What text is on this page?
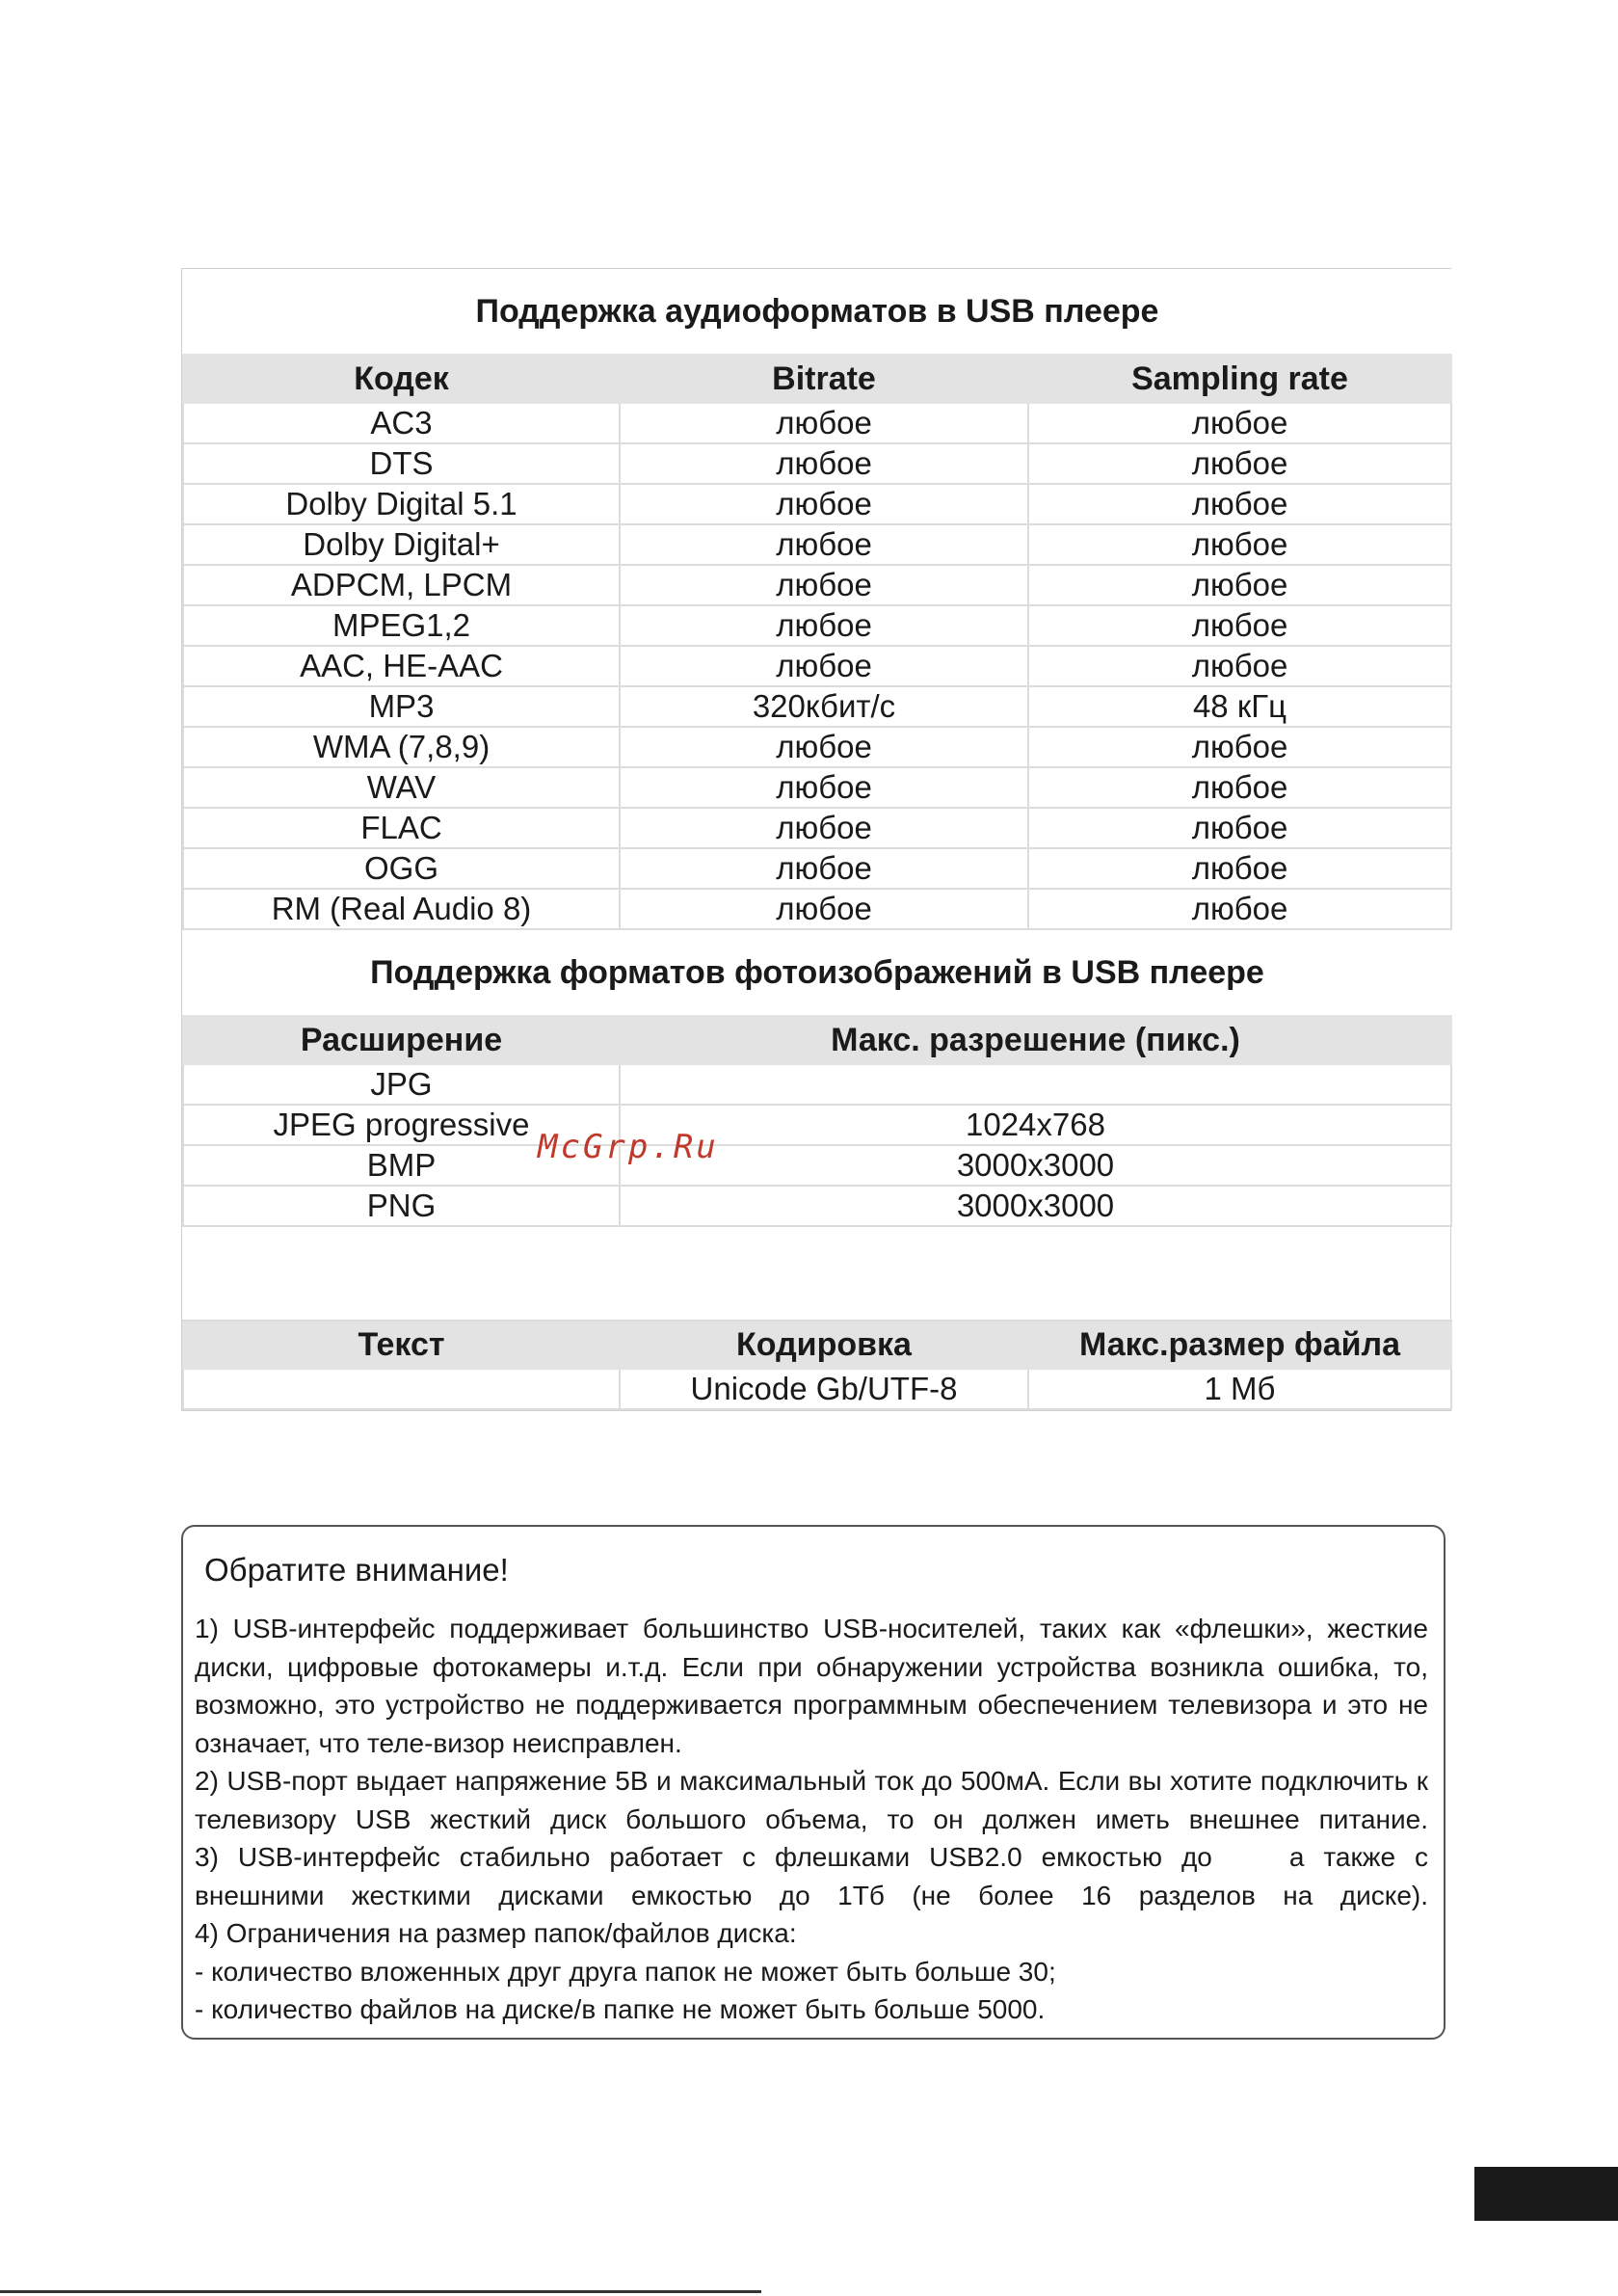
Поддержка аудиоформатов в USB плеере		
Кодек	Bitrate	Sampling rate
AC3	любое	любое
DTS	любое	любое
Dolby Digital 5.1	любое	любое
Dolby Digital+	любое	любое
ADPCM, LPCM	любое	любое
MPEG1,2	любое	любое
AAC, HE-AAC	любое	любое
MP3	320кбит/с	48 кГц
WMA (7,8,9)	любое	любое
WAV	любое	любое
FLAC	любое	любое
OGG	любое	любое
RM (Real Audio 8)	любое	любое
Поддержка форматов фотоизображений в USB плеере		
Расширение	Макс. разрешение (пикс.)	
JPG		
JPEG progressive	1024x768	
BMP	3000x3000	
PNG	3000x3000	

Текст	Кодировка	Макс.размер файла
	Unicode Gb/UTF-8	1 Мб
McGrp.Ru
Обратите внимание!

1) USB-интерфейс поддерживает большинство USB-носителей, таких как «флешки», жесткие диски, цифровые фотокамеры и.т.д. Если при обнаружении устройства возникла ошибка, то, возможно, это устройство не поддерживается программным обеспечением телевизора и это не означает, что теле-визор неисправлен.

2) USB-порт выдает напряжение 5В и максимальный ток до 500мА. Если вы хотите подключить к телевизору USB жесткий диск большого объема, то он должен иметь внешнее питание.

3) USB-интерфейс стабильно работает с флешками USB2.0 емкостью до	а также с внешними жесткими дисками емкостью до 1Тб (не более 16 разделов на диске).

4) Ограничения на размер папок/файлов диска:

- количество вложенных друг друга папок не может быть больше 30;

- количество файлов на диске/в папке не может быть больше 5000.
